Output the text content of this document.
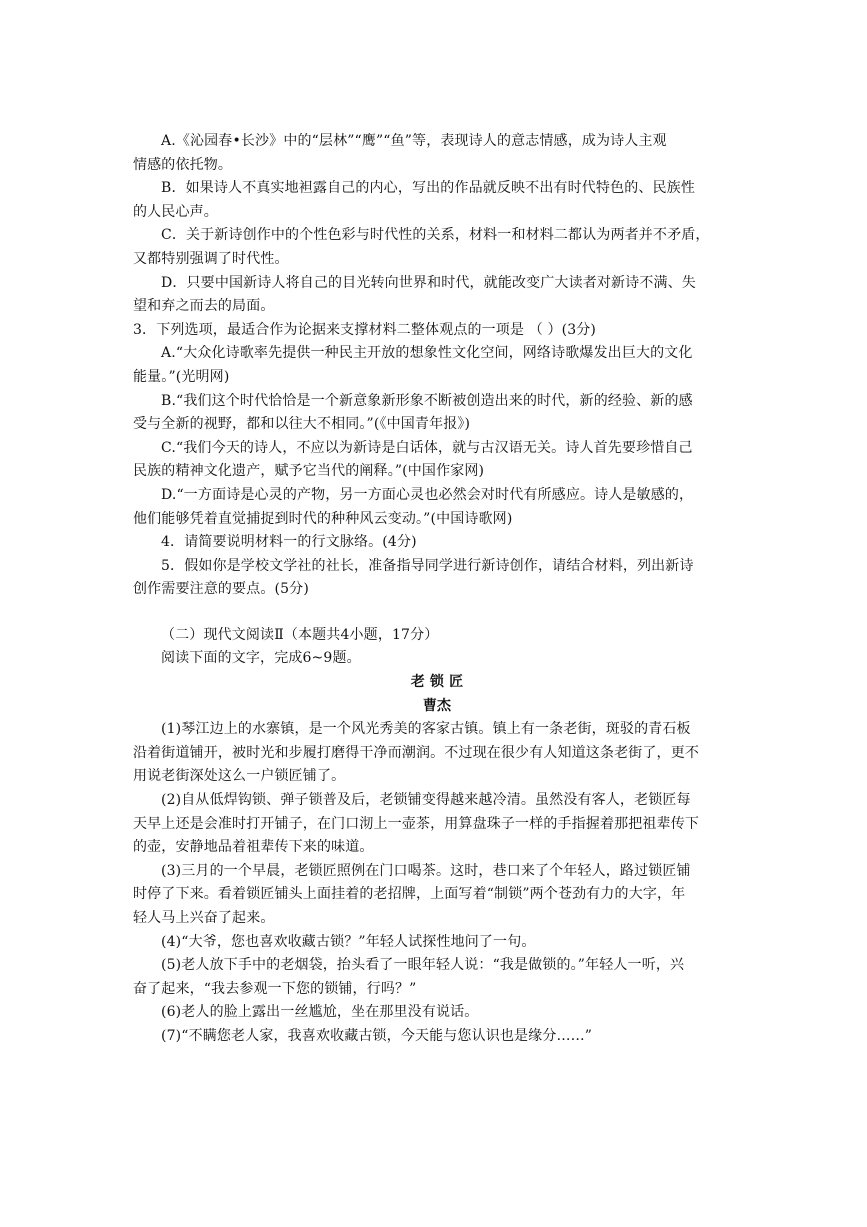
A.《沁园春•长沙》中的“层林”“鹰”“鱼”等，表现诗人的意志情感，成为诗人主观
情感的依托物。
B．如果诗人不真实地袒露自己的内心，写出的作品就反映不出有时代特色的、民族性
的人民心声。
C．关于新诗创作中的个性色彩与时代性的关系，材料一和材料二都认为两者并不矛盾，
又都特别强调了时代性。
D．只要中国新诗人将自己的目光转向世界和时代，就能改变广大读者对新诗不满、失
望和弃之而去的局面。
3．下列选项，最适合作为论据来支撑材料二整体观点的一项是 （ ）(3分)
A.“大众化诗歌率先提供一种民主开放的想象性文化空间，网络诗歌爆发出巨大的文化
能量。”(光明网)
B.“我们这个时代恰恰是一个新意象新形象不断被创造出来的时代，新的经验、新的感
受与全新的视野，都和以往大不相同。”(《中国青年报》)
C.“我们今天的诗人，不应以为新诗是白话体，就与古汉语无关。诗人首先要珍惜自己
民族的精神文化遗产，赋予它当代的阐释。”(中国作家网)
D.“一方面诗是心灵的产物，另一方面心灵也必然会对时代有所感应。诗人是敏感的，
他们能够凭着直觉捕捉到时代的种种风云变动。”(中国诗歌网)
4．请简要说明材料一的行文脉络。(4分)
5．假如你是学校文学社的社长，准备指导同学进行新诗创作，请结合材料，列出新诗
创作需要注意的要点。(5分)
（二）现代文阅读Ⅱ（本题共4小题，17分）
阅读下面的文字，完成6~9题。
老 锁 匠
曹杰
(1)琴江边上的水寨镇，是一个风光秀美的客家古镇。镇上有一条老街，斑驳的青石板
沿着街道铺开，被时光和步履打磨得干净而潮润。不过现在很少有人知道这条老街了，更不
用说老街深处这么一户锁匠铺了。
(2)自从低焊钩锁、弹子锁普及后，老锁铺变得越来越冷清。虽然没有客人，老锁匠每
天早上还是会准时打开铺子，在门口沏上一壶茶，用算盘珠子一样的手指握着那把祖辈传下
的壶，安静地品着祖辈传下来的味道。
(3)三月的一个早晨，老锁匠照例在门口喝茶。这时，巷口来了个年轻人，路过锁匠铺
时停了下来。看着锁匠铺头上面挂着的老招牌，上面写着“制锁”两个苍劲有力的大字，年
轻人马上兴奋了起来。
(4)“大爷，您也喜欢收藏古锁？”年轻人试探性地问了一句。
(5)老人放下手中的老烟袋，抬头看了一眼年轻人说：“我是做锁的。”年轻人一听，兴
奋了起来，“我去参观一下您的锁铺，行吗？”
(6)老人的脸上露出一丝尴尬，坐在那里没有说话。
(7)“不瞒您老人家，我喜欢收藏古锁，今天能与您认识也是缘分……”
